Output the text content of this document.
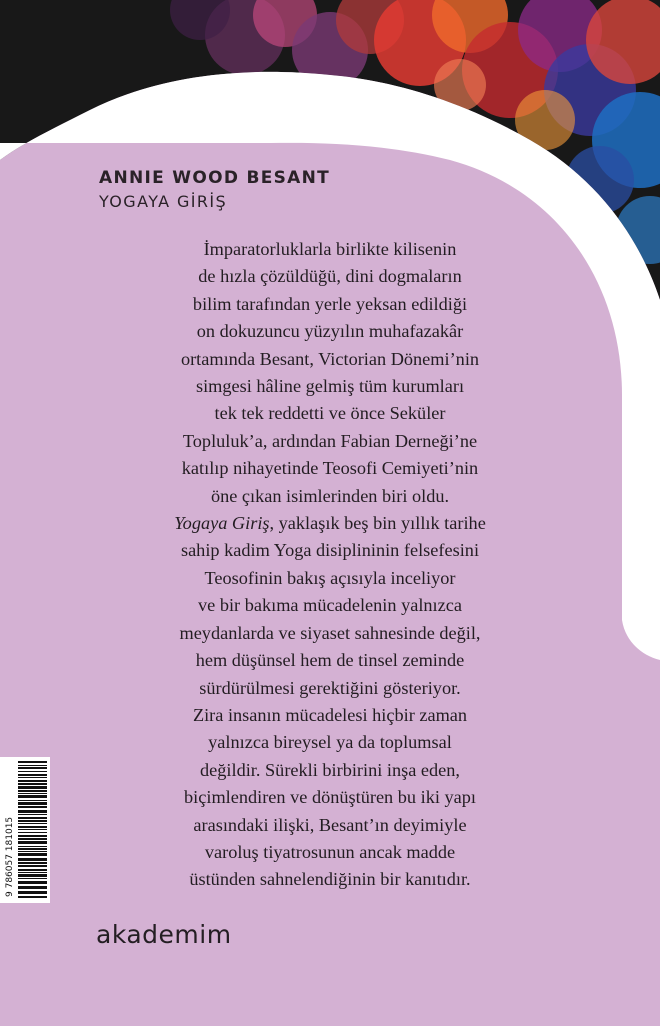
ANNIE WOOD BESANT

YOGAYA GİRİŞ

İmparatorluklarla birlikte kilisenin
de hızla çözüldüğü, dini dogmaların
bilim tarafından yerle yeksan edildiği
on dokuzuncu yüzyılın muhafazakâr
ortamında Besant, Victorian Dönemi’nin
simgesi hâline gelmiş tüm kurumları
tek tek reddetti ve önce Seküler
Topluluk’a, ardından Fabian Derneği’ne
katılıp nihayetinde Teosofi Cemiyeti’nin
öne çıkan isimlerinden biri oldu.
Yogaya Giriş, yaklaşık beş bin yıllık tarihe
sahip kadim Yoga disiplininin felsefesini
Teosofinin bakış açısıyla inceliyor
ve bir bakıma mücadelenin yalnızca
meydanlarda ve siyaset sahnesinde değil,
hem düşünsel hem de tinsel zeminde
sürdürülmesi gerektiğini gösteriyor.
Zira insanın mücadelesi hiçbir zaman
yalnızca bireysel ya da toplumsal
değildir. Sürekli birbirini inşa eden,
biçimlendiren ve dönüştüren bu iki yapı
arasındaki ilişki, Besant’ın deyimiyle
varoluş tiyatrosunun ancak madde
üstünden sahnelendiğinin bir kanıtıdır.

9 786057 181015

akademim
